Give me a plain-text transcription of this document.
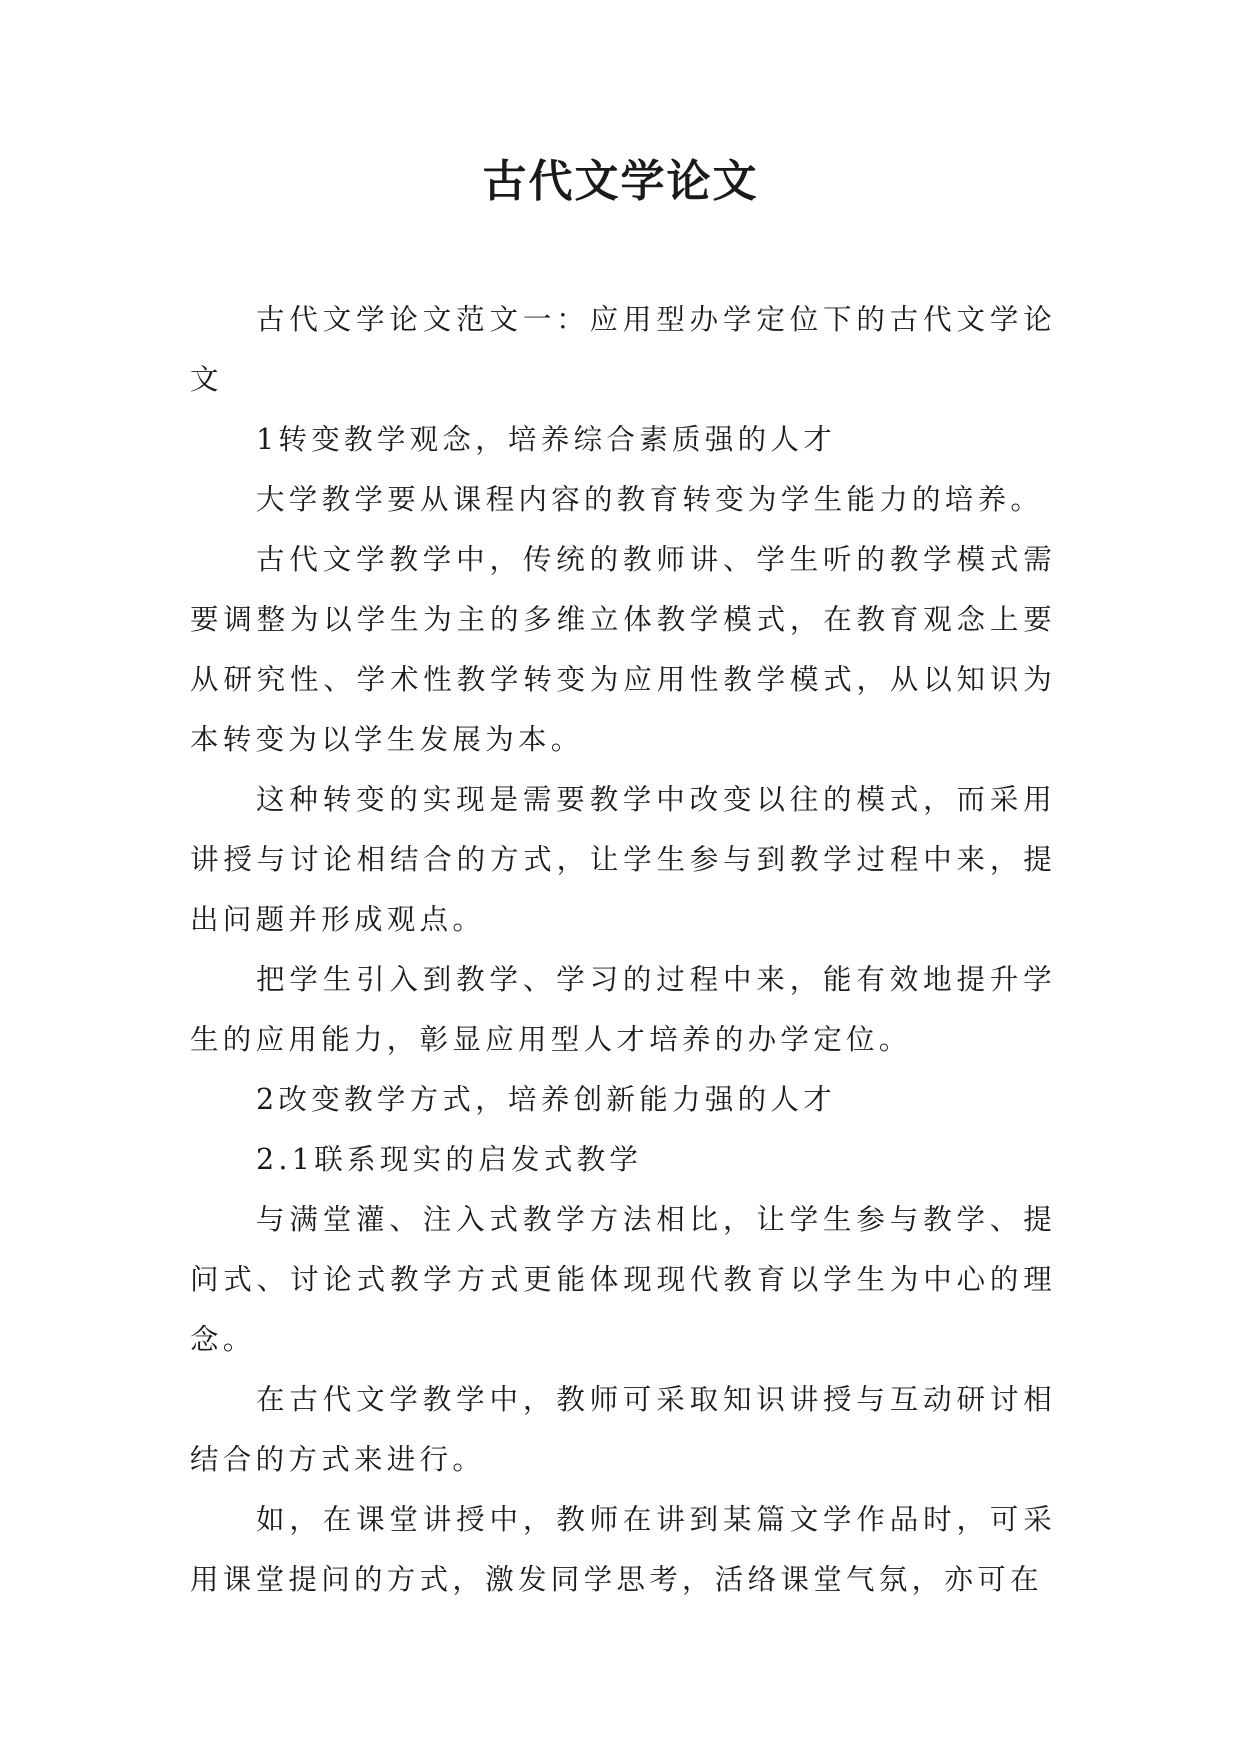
古代文学论文

古代文学论文范文一：应用型办学定位下的古代文学论文

1转变教学观念，培养综合素质强的人才

大学教学要从课程内容的教育转变为学生能力的培养。

古代文学教学中，传统的教师讲、学生听的教学模式需要调整为以学生为主的多维立体教学模式，在教育观念上要从研究性、学术性教学转变为应用性教学模式，从以知识为本转变为以学生发展为本。

这种转变的实现是需要教学中改变以往的模式，而采用讲授与讨论相结合的方式，让学生参与到教学过程中来，提出问题并形成观点。

把学生引入到教学、学习的过程中来，能有效地提升学生的应用能力，彰显应用型人才培养的办学定位。

2改变教学方式，培养创新能力强的人才

2.1联系现实的启发式教学

与满堂灌、注入式教学方法相比，让学生参与教学、提问式、讨论式教学方式更能体现现代教育以学生为中心的理念。

在古代文学教学中，教师可采取知识讲授与互动研讨相结合的方式来进行。

如，在课堂讲授中，教师在讲到某篇文学作品时，可采用课堂提问的方式，激发同学思考，活络课堂气氛，亦可在
